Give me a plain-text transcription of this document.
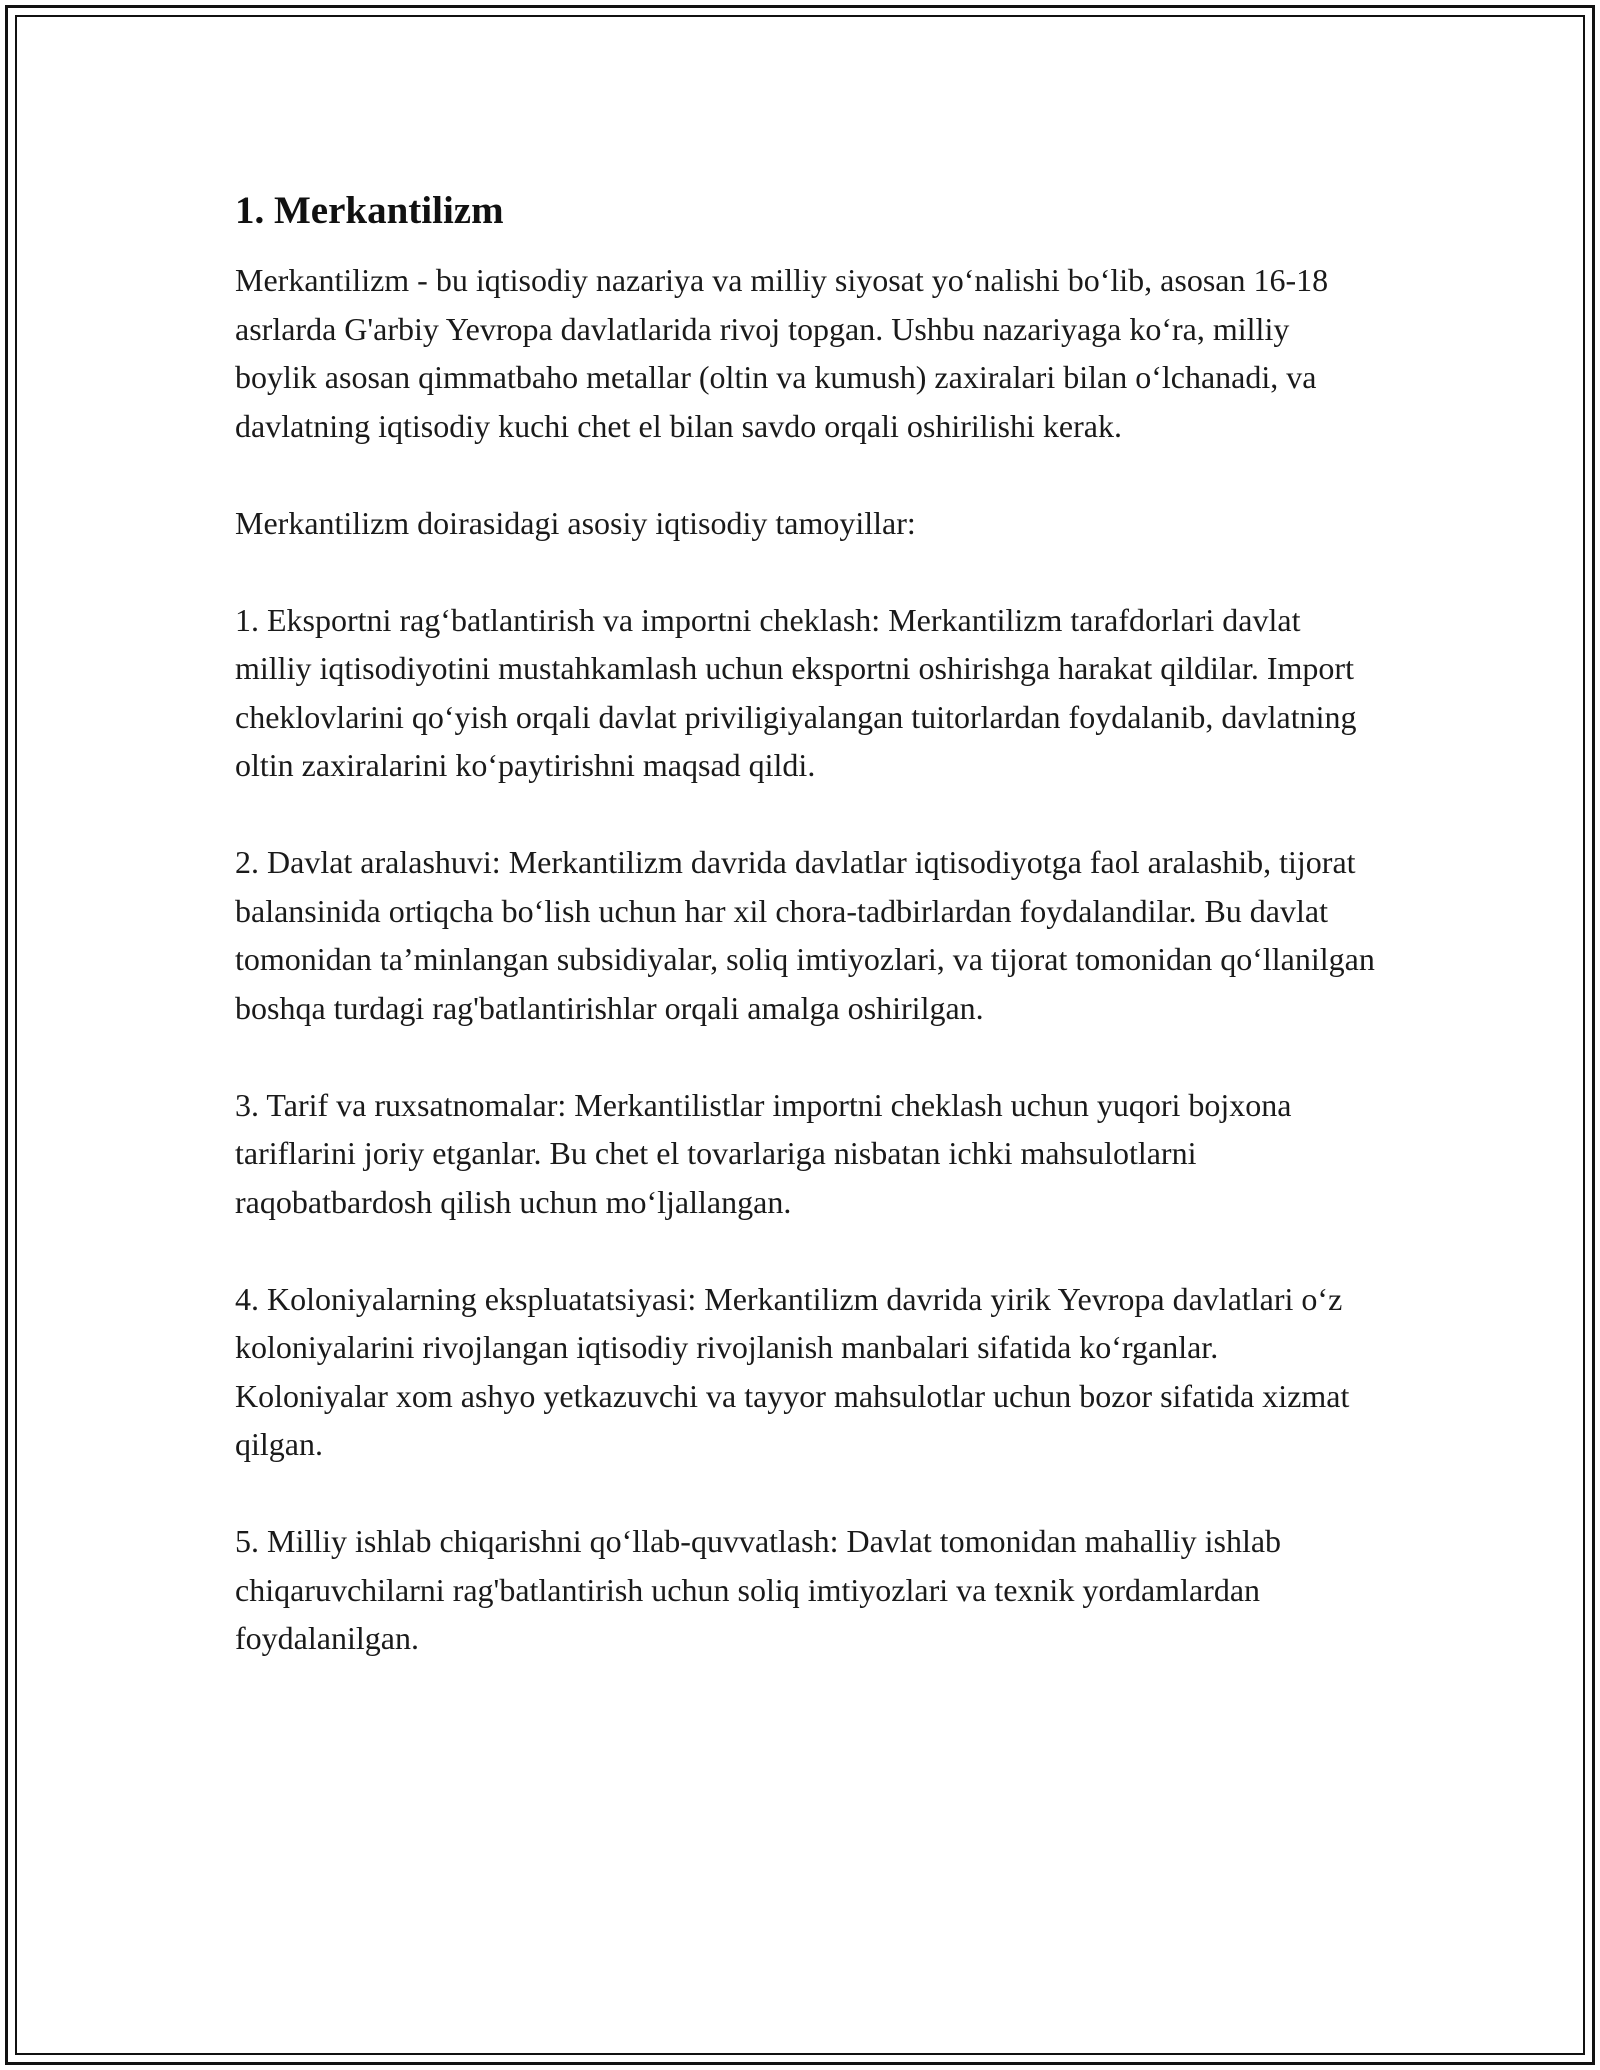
1. Merkantilizm

Merkantilizm - bu iqtisodiy nazariya va milliy siyosat yo‘nalishi bo‘lib, asosan 16-18 asrlarda G'arbiy Yevropa davlatlarida rivoj topgan. Ushbu nazariyaga ko‘ra, milliy boylik asosan qimmatbaho metallar (oltin va kumush) zaxiralari bilan o‘lchanadi, va davlatning iqtisodiy kuchi chet el bilan savdo orqali oshirilishi kerak.

Merkantilizm doirasidagi asosiy iqtisodiy tamoyillar:

1. Eksportni rag‘batlantirish va importni cheklash: Merkantilizm tarafdorlari davlat milliy iqtisodiyotini mustahkamlash uchun eksportni oshirishga harakat qildilar. Import cheklovlarini qo‘yish orqali davlat priviligiyalangan tuitorlardan foydalanib, davlatning oltin zaxiralarini ko‘paytirishni maqsad qildi.

2. Davlat aralashuvi: Merkantilizm davrida davlatlar iqtisodiyotga faol aralashib, tijorat balansinida ortiqcha bo‘lish uchun har xil chora-tadbirlardan foydalandilar. Bu davlat tomonidan ta’minlangan subsidiyalar, soliq imtiyozlari, va tijorat tomonidan qo‘llanilgan boshqa turdagi rag'batlantirishlar orqali amalga oshirilgan.

3. Tarif va ruxsatnomalar: Merkantilistlar importni cheklash uchun yuqori bojxona tariflarini joriy etganlar. Bu chet el tovarlariga nisbatan ichki mahsulotlarni raqobatbardosh qilish uchun mo‘ljallangan.

4. Koloniyalarning ekspluatatsiyasi: Merkantilizm davrida yirik Yevropa davlatlari o‘z koloniyalarini rivojlangan iqtisodiy rivojlanish manbalari sifatida ko‘rganlar. Koloniyalar xom ashyo yetkazuvchi va tayyor mahsulotlar uchun bozor sifatida xizmat qilgan.

5. Milliy ishlab chiqarishni qo‘llab-quvvatlash: Davlat tomonidan mahalliy ishlab chiqaruvchilarni rag'batlantirish uchun soliq imtiyozlari va texnik yordamlardan foydalanilgan.
